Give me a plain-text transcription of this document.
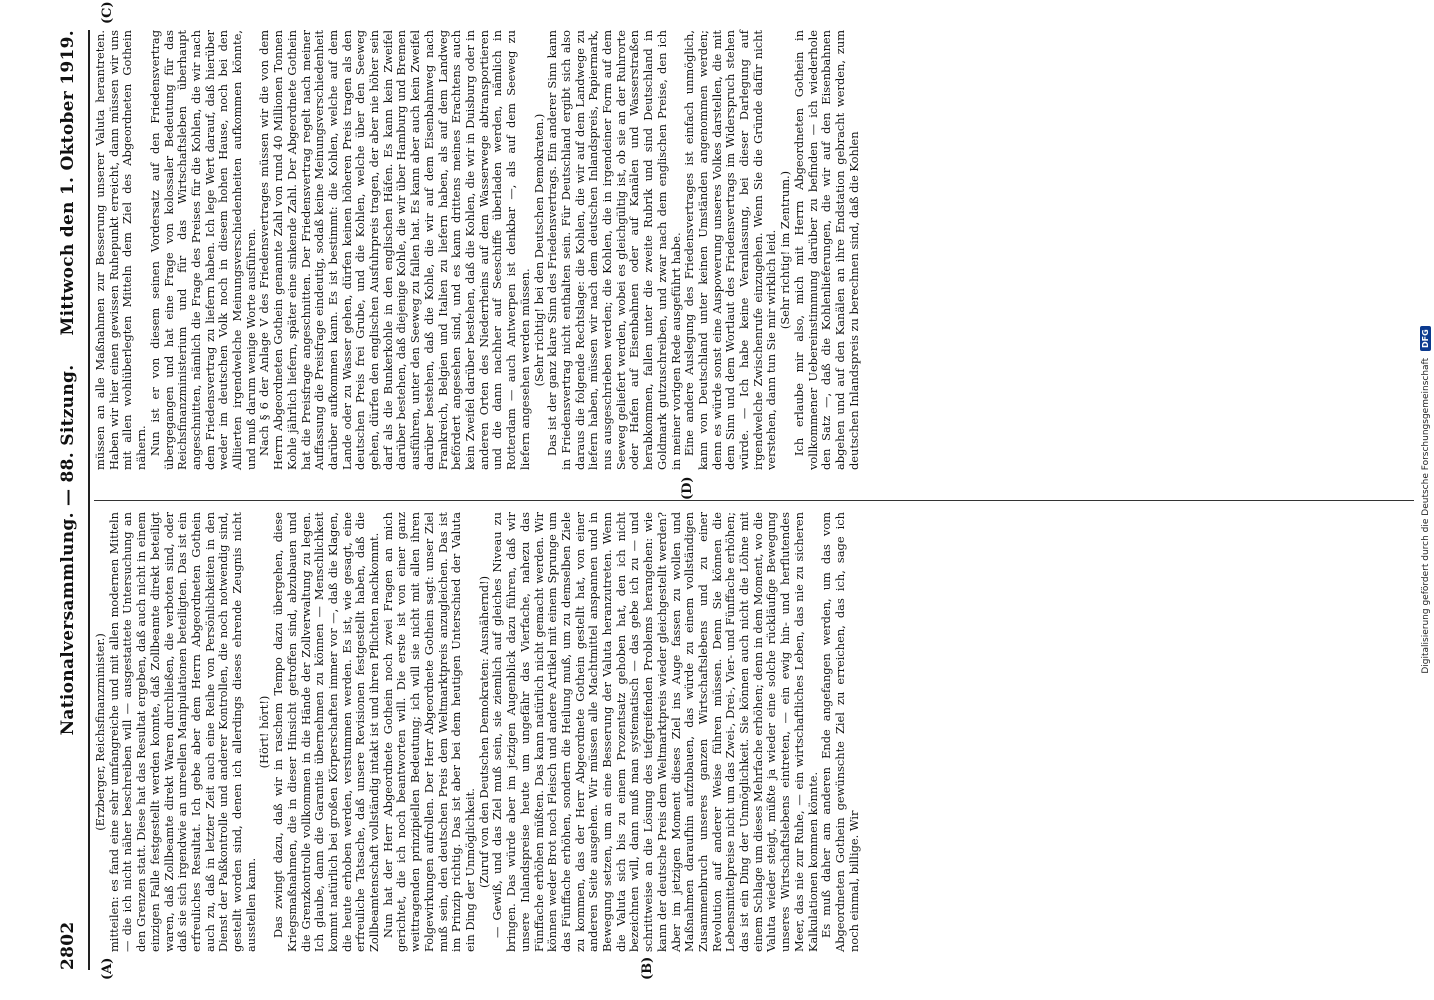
2802
Nationalversammlung. — 88. Sitzung.
Mittwoch den 1. Oktober 1919.
(A)	(B)
(C)
(D)

(Erzberger, Reichsfinanzminister.) mitteilen: es fand eine sehr umfangreiche und mit allen modernen Mitteln — die ich nicht näher beschreiben will — ausgestattete Untersuchung an den Grenzen statt. Diese hat das Resultat ergeben, daß auch nicht in einem einzigen Falle festgestellt werden konnte, daß Zollbeamte direkt beteiligt waren, daß Zollbeamte direkt Waren durchließen, die verboten sind, oder daß sie sich irgendwie an unreellen Manipulationen beteiligten. Das ist ein erfreuliches Resultat. Ich gebe aber dem Herrn Abgeordneten Gothein auch zu, daß in letzter Zeit auch eine Reihe von Persönlichkeiten in den Dienst der Paßkontrolle und anderer Kontrollen, die noch notwendig sind, gestellt worden sind, denen ich allerdings dieses ehrende Zeugnis nicht ausstellen kann.

(Hört! hört!) Das zwingt dazu, daß wir in raschem Tempo dazu übergehen, diese Kriegsmaßnahmen, die in dieser Hinsicht getroffen sind, abzubauen und die Grenzkontrolle vollkommen in die Hände der Zollverwaltung zu legen. Ich glaube, dann die Garantie übernehmen zu können — Menschlichkeit kommt natürlich bei großen Körperschaften immer vor —, daß die Klagen, die heute erhoben werden, verstummen werden. Es ist, wie gesagt, eine erfreuliche Tatsache, daß unsere Revisionen festgestellt haben, daß die Zollbeamtenschaft vollständig intakt ist und ihren Pflichten nachkommt. Nun hat der Herr Abgeordnete Gothein noch zwei Fragen an mich gerichtet, die ich noch beantworten will. Die erste ist von einer ganz weittragenden prinzipiellen Bedeutung; ich will sie nicht mit allen ihren Folgewirkungen aufrollen. Der Herr Abgeordnete Gothein sagt: unser Ziel muß sein, den deutschen Preis dem Weltmarktpreis anzugleichen. Das ist im Prinzip richtig. Das ist aber bei dem heutigen Unterschied der Valuta ein Ding der Unmöglichkeit. (Zuruf von den Deutschen Demokraten: Ausnähernd!) — Gewiß, und das Ziel muß sein, sie ziemlich auf gleiches Niveau zu bringen. Das würde aber im jetzigen Augenblick dazu führen, daß wir unsere Inlandspreise heute um ungefähr das Vierfache, nahezu das Fünffache erhöhen müßten. Das kann natürlich nicht gemacht werden. Wir können weder Brot noch Fleisch und andere Artikel mit einem Sprunge um das Fünffache erhöhen, sondern die Heilung muß, um zu demselben Ziele zu kommen, das der Herr Abgeordnete Gothein gestellt hat, von einer anderen Seite ausgehen. Wir müssen alle Machtmittel anspannen und in Bewegung setzen, um an eine Besserung der Valuta heranzutreten. Wenn die Valuta sich bis zu einem Prozentsatz gehoben hat, den ich nicht bezeichnen will, dann muß man systematisch — das gebe ich zu — und schrittweise an die Lösung des tiefgreifenden Problems herangehen: wie kann der deutsche Preis dem Weltmarktpreis wieder gleichgestellt werden? Aber im jetzigen Moment dieses Ziel ins Auge fassen zu wollen und Maßnahmen daraufhin aufzubauen, das würde zu einem vollständigen Zusammenbruch unseres ganzen Wirtschaftslebens und zu einer Revolution auf anderer Weise führen müssen. Denn Sie können die Lebensmittelpreise nicht um das Zwei-, Drei-, Vier- und Fünffache erhöhen; das ist ein Ding der Unmöglichkeit. Sie können auch nicht die Löhne mit einem Schlage um dieses Mehrfache erhöhen; denn in dem Moment, wo die Valuta wieder steigt, müßte ja wieder eine solche rückläufige Bewegung unseres Wirtschaftslebens eintreten, — ein ewig hin- und herflutendes Meer, das nie zur Ruhe, — ein wirtschaftliches Leben, das nie zu sicheren Kalkulationen kommen könnte. Es muß daher am anderen Ende angefangen werden, um das vom Abgeordneten Gothein gewünschte Ziel zu erreichen, das ich, sage ich noch einmal, billige. Wir

müssen an alle Maßnahmen zur Besserung unserer Valuta herantreten. Haben wir hier einen gewissen Ruhepunkt erreicht, dann müssen wir uns mit allen wohlüberlegten Mitteln dem Ziel des Abgeordneten Gothein nähern. Nun ist er von diesem seinen Vordersatz auf den Friedensvertrag übergegangen und hat eine Frage von kolossaler Bedeutung für das Reichsfinanzministerium und für das Wirtschaftsleben überhaupt angeschnitten, nämlich die Frage des Preises für die Kohlen, die wir nach dem Friedensvertrag zu liefern haben. Ich lege Wert darauf, daß hierüber weder im deutschen Volk noch in diesem hohen Hause, noch bei den Alliierten irgendwelche Meinungsverschiedenheiten aufkommen könnte, und muß darum wenige Worte ausführen. Nach § 6 der Anlage V des Friedensvertrages müssen wir die von dem Herrn Abgeordneten Gothein genannte Zahl von rund 40 Millionen Tonnen Kohle jährlich liefern, später eine sinkende Zahl. Der Abgeordnete Gothein hat die Preisfrage angeschnitten. Der Friedensvertrag regelt nach meiner Auffassung die Preisfrage eindeutig, sodaß keine Meinungsverschiedenheit darüber aufkommen kann. Es ist bestimmt: die Kohlen, welche auf dem Lande oder zu Wasser gehen, dürfen keinen höheren Preis tragen als den deutschen Preis frei Grube, und die Kohlen, welche über den Seeweg gehen, dürfen den englischen Ausfuhrpreis tragen, der aber nie höher sein darf als die Bunkerkohle in den englischen Häfen. Es kann kein Zweifel darüber bestehen, daß diejenige Kohle, die wir über Hamburg und Bremen ausführen, unter den Seeweg zu fallen hat. Es kann aber auch kein Zweifel darüber bestehen, daß die Kohle, die wir auf dem Eisenbahnweg nach Frankreich, Belgien und Italien zu liefern haben, als auf dem Landweg befördert angesehen sind, und es kann drittens meines Erachtens auch kein Zweifel darüber bestehen, daß die Kohlen, die wir in Duisburg oder in anderen Orten des Niederrheins auf dem Wasserwege abtransportieren und die dann nachher auf Seeschiffe überladen werden, nämlich in Rotterdam — auch Antwerpen ist denkbar —, als auf dem Seeweg zu liefern angesehen werden müssen. (Sehr richtig! bei den Deutschen Demokraten.) Das ist der ganz klare Sinn des Friedensvertrags. Ein anderer Sinn kann in Friedensvertrag nicht enthalten sein. Für Deutschland ergibt sich also daraus die folgende Rechtslage: die Kohlen, die wir auf dem Landwege zu liefern haben, müssen wir nach dem deutschen Inlandspreis, Papiermark, nus ausgeschrieben werden; die Kohlen, die in irgendeiner Form auf dem Seeweg geliefert werden, wobei es gleichgültig ist, ob sie an der Ruhrorte oder Hafen auf Eisenbahnen oder auf Kanälen und Wasserstraßen herabkommen, fallen unter die zweite Rubrik und sind Deutschland in Goldmark gutzuschreiben, und zwar nach dem englischen Preise, den ich in meiner vorigen Rede ausgeführt habe. Eine andere Auslegung des Friedensvertrages ist einfach unmöglich, kann von Deutschland unter keinen Umständen angenommen werden; denn es würde sonst eine Auspowerung unseres Volkes darstellen, die mit dem Sinn und dem Wortlaut des Friedensvertrags im Widerspruch stehen würde. — Ich habe keine Veranlassung, bei dieser Darlegung auf irgendwelche Zwischenrufe einzugehen. Wenn Sie die Gründe dafür nicht verstehen, dann tun Sie mir wirklich leid. (Sehr richtig! im Zentrum.) Ich erlaube mir also, mich mit Herrn Abgeordneten Gothein in vollkommener Uebereinstimmung darüber zu befinden — ich wiederhole den Satz —, daß die Kohlenlieferungen, die wir auf den Eisenbahnen abgehen und auf den Kanälen an ihre Endstation gebracht werden, zum deutschen Inlandspreis zu berechnen sind, daß die Kohlen

Digitalisierung gefördert durch die Deutsche Forschungsgemeinschaft DFG
